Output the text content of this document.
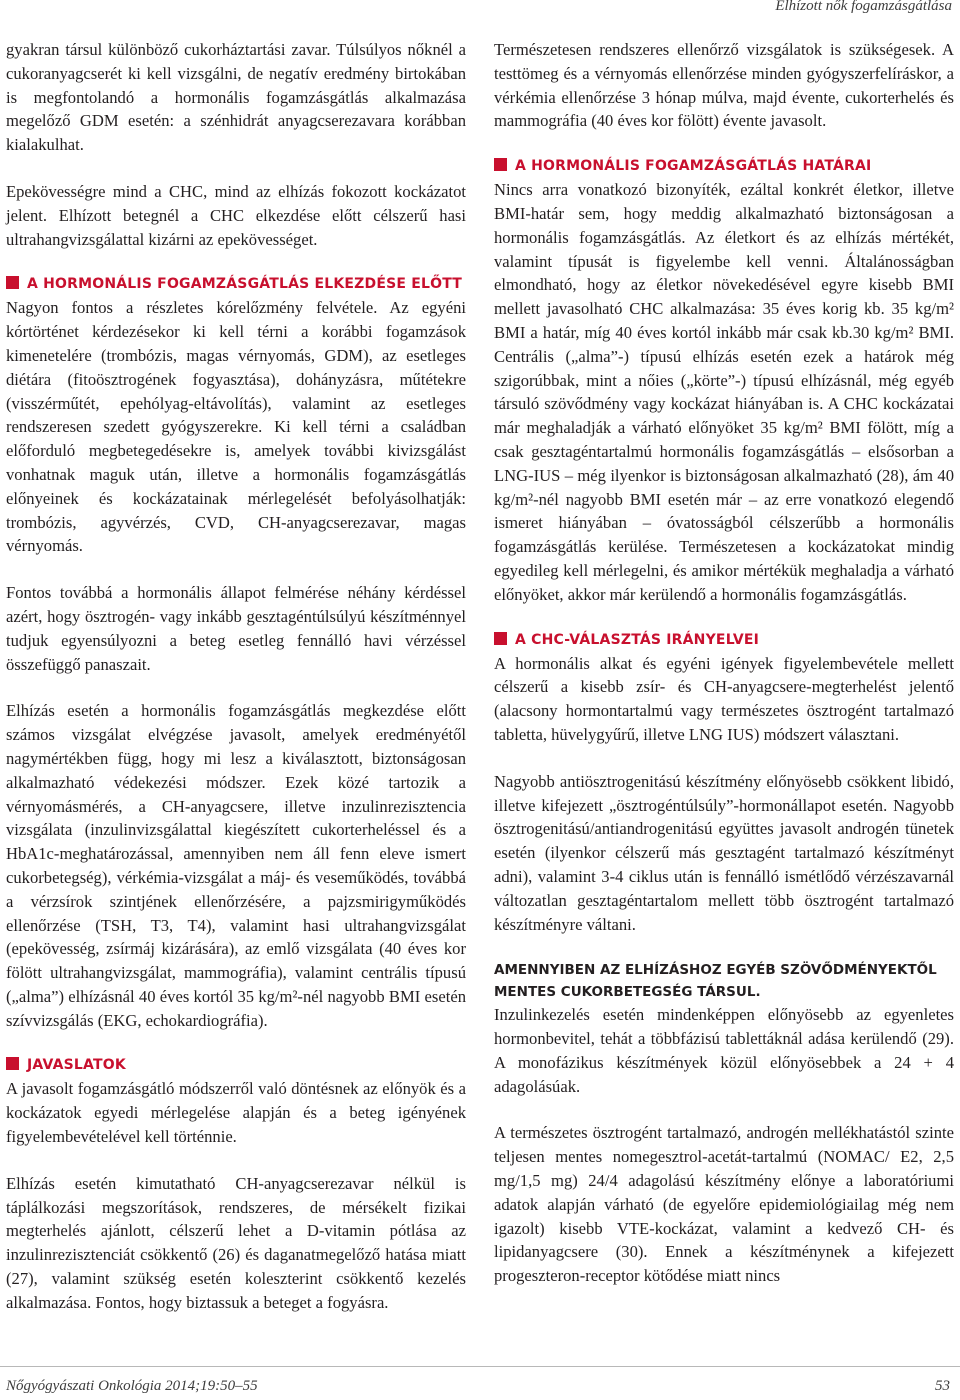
Elhízott nők fogamzásgátlása

gyakran társul különböző cukorháztartási zavar. Túlsúlyos nőknél a cukoranyagcserét ki kell vizsgálni, de negatív eredmény birtokában is megfontolandó a hormonális fogamzásgátlás alkalmazása megelőző GDM esetén: a szénhidrát anyagcserezavara korábban kialakulhat.

Epekövességre mind a CHC, mind az elhízás fokozott kockázatot jelent. Elhízott betegnél a CHC elkezdése előtt célszerű hasi ultrahangvizsgálattal kizárni az epekövességet.

A HORMONÁLIS FOGAMZÁSGÁTLÁS ELKEZDÉSE ELŐTT

Nagyon fontos a részletes kórelőzmény felvétele. Az egyéni kórtörténet kérdezésekor ki kell térni a korábbi fogamzások kimenetelére (trombózis, magas vérnyomás, GDM), az esetleges diétára (fitoösztrogének fogyasztása), dohányzásra, műtétekre (visszérműtét, epehólyag-eltávolítás), valamint az esetleges rendszeresen szedett gyógyszerekre. Ki kell térni a családban előforduló megbetegedésekre is, amelyek további kivizsgálást vonhatnak maguk után, illetve a hormonális fogamzásgátlás előnyeinek és kockázatainak mérlegelését befolyásolhatják: trombózis, agyvérzés, CVD, CH-anyagcserezavar, magas vérnyomás.

Fontos továbbá a hormonális állapot felmérése néhány kérdéssel azért, hogy ösztrogén- vagy inkább gesztagéntúlsúlyú készítménnyel tudjuk egyensúlyozni a beteg esetleg fennálló havi vérzéssel összefüggő panaszait.

Elhízás esetén a hormonális fogamzásgátlás megkezdése előtt számos vizsgálat elvégzése javasolt, amelyek eredményétől nagymértékben függ, hogy mi lesz a kiválasztott, biztonságosan alkalmazható védekezési módszer. Ezek közé tartozik a vérnyomásmérés, a CH-anyagcsere, illetve inzulinrezisztencia vizsgálata (inzulinvizsgálattal kiegészített cukorterheléssel és a HbA1c-meghatározással, amennyiben nem áll fenn eleve ismert cukorbetegség), vérkémia-vizsgálat a máj- és veseműködés, továbbá a vérzsírok szintjének ellenőrzésére, a pajzsmirigyműködés ellenőrzése (TSH, T3, T4), valamint hasi ultrahangvizsgálat (epekövesség, zsírmáj kizárására), az emlő vizsgálata (40 éves kor fölött ultrahangvizsgálat, mammográfia), valamint centrális típusú („alma”) elhízásnál 40 éves kortól 35 kg/m²-nél nagyobb BMI esetén szívvizsgálás (EKG, echokardiográfia).

JAVASLATOK

A javasolt fogamzásgátló módszerről való döntésnek az előnyök és a kockázatok egyedi mérlegelése alapján és a beteg igényének figyelembevételével kell történnie.

Elhízás esetén kimutatható CH-anyagcserezavar nélkül is táplálkozási megszorítások, rendszeres, de mérsékelt fizikai megterhelés ajánlott, célszerű lehet a D-vitamin pótlása az inzulinrezisztenciát csökkentő (26) és daganatmegelőző hatása miatt (27), valamint szükség esetén koleszterint csökkentő kezelés alkalmazása. Fontos, hogy biztassuk a beteget a fogyásra.

Természetesen rendszeres ellenőrző vizsgálatok is szükségesek. A testtömeg és a vérnyomás ellenőrzése minden gyógyszerfelíráskor, a vérkémia ellenőrzése 3 hónap múlva, majd évente, cukorterhelés és mammográfia (40 éves kor fölött) évente javasolt.

A HORMONÁLIS FOGAMZÁSGÁTLÁS HATÁRAI

Nincs arra vonatkozó bizonyíték, ezáltal konkrét életkor, illetve BMI-határ sem, hogy meddig alkalmazható biztonságosan a hormonális fogamzásgátlás. Az életkort és az elhízás mértékét, valamint típusát is figyelembe kell venni. Általánosságban elmondható, hogy az életkor növekedésével egyre kisebb BMI mellett javasolható CHC alkalmazása: 35 éves korig kb. 35 kg/m² BMI a határ, míg 40 éves kortól inkább már csak kb.30 kg/m² BMI. Centrális („alma”-) típusú elhízás esetén ezek a határok még szigorúbbak, mint a nőies („körte”-) típusú elhízásnál, még egyéb társuló szövődmény vagy kockázat hiányában is. A CHC kockázatai már meghaladják a várható előnyöket 35 kg/m² BMI fölött, míg a csak gesztagéntartalmú hormonális fogamzásgátlás – elsősorban a LNG-IUS – még ilyenkor is biztonságosan alkalmazható (28), ám 40 kg/m²-nél nagyobb BMI esetén már – az erre vonatkozó elegendő ismeret hiányában – óvatosságból célszerűbb a hormonális fogamzásgátlás kerülése. Természetesen a kockázatokat mindig egyedileg kell mérlegelni, és amikor mértékük meghaladja a várható előnyöket, akkor már kerülendő a hormonális fogamzásgátlás.

A CHC-VÁLASZTÁS IRÁNYELVEI

A hormonális alkat és egyéni igények figyelembevétele mellett célszerű a kisebb zsír- és CH-anyagcsere-megterhelést jelentő (alacsony hormontartalmú vagy természetes ösztrogént tartalmazó tabletta, hüvelygyűrű, illetve LNG IUS) módszert választani.

Nagyobb antiösztrogenitású készítmény előnyösebb csökkent libidó, illetve kifejezett „ösztrogéntúlsúly”-hormonállapot esetén. Nagyobb ösztrogenitású/antiandrogenitású együttes javasolt androgén tünetek esetén (ilyenkor célszerű más gesztagént tartalmazó készítményt adni), valamint 3-4 ciklus után is fennálló ismétlődő vérzészavarnál változatlan gesztagéntartalom mellett több ösztrogént tartalmazó készítményre váltani.

AMENNYIBEN AZ ELHÍZÁSHOZ EGYÉB SZÖVŐDMÉNYEKTŐL MENTES CUKORBETEGSÉG TÁRSUL.

Inzulinkezelés esetén mindenképpen előnyösebb az egyenletes hormonbevitel, tehát a többfázisú tablettáknál adása kerülendő (29). A monofázikus készítmények közül előnyösebbek a 24 + 4 adagolásúak.

A természetes ösztrogént tartalmazó, androgén mellékhatástól szinte teljesen mentes nomegesztrol-acetát-tartalmú (NOMAC/ E2, 2,5 mg/1,5 mg) 24/4 adagolású készítmény előnye a laboratóriumi adatok alapján várható (de egyelőre epidemiológiailag még nem igazolt) kisebb VTE-kockázat, valamint a kedvező CH- és lipidanyagcsere (30). Ennek a készítménynek a kifejezett progeszteron-receptor kötődése miatt nincs

Nőgyógyászati Onkológia 2014;19:50–55	53
